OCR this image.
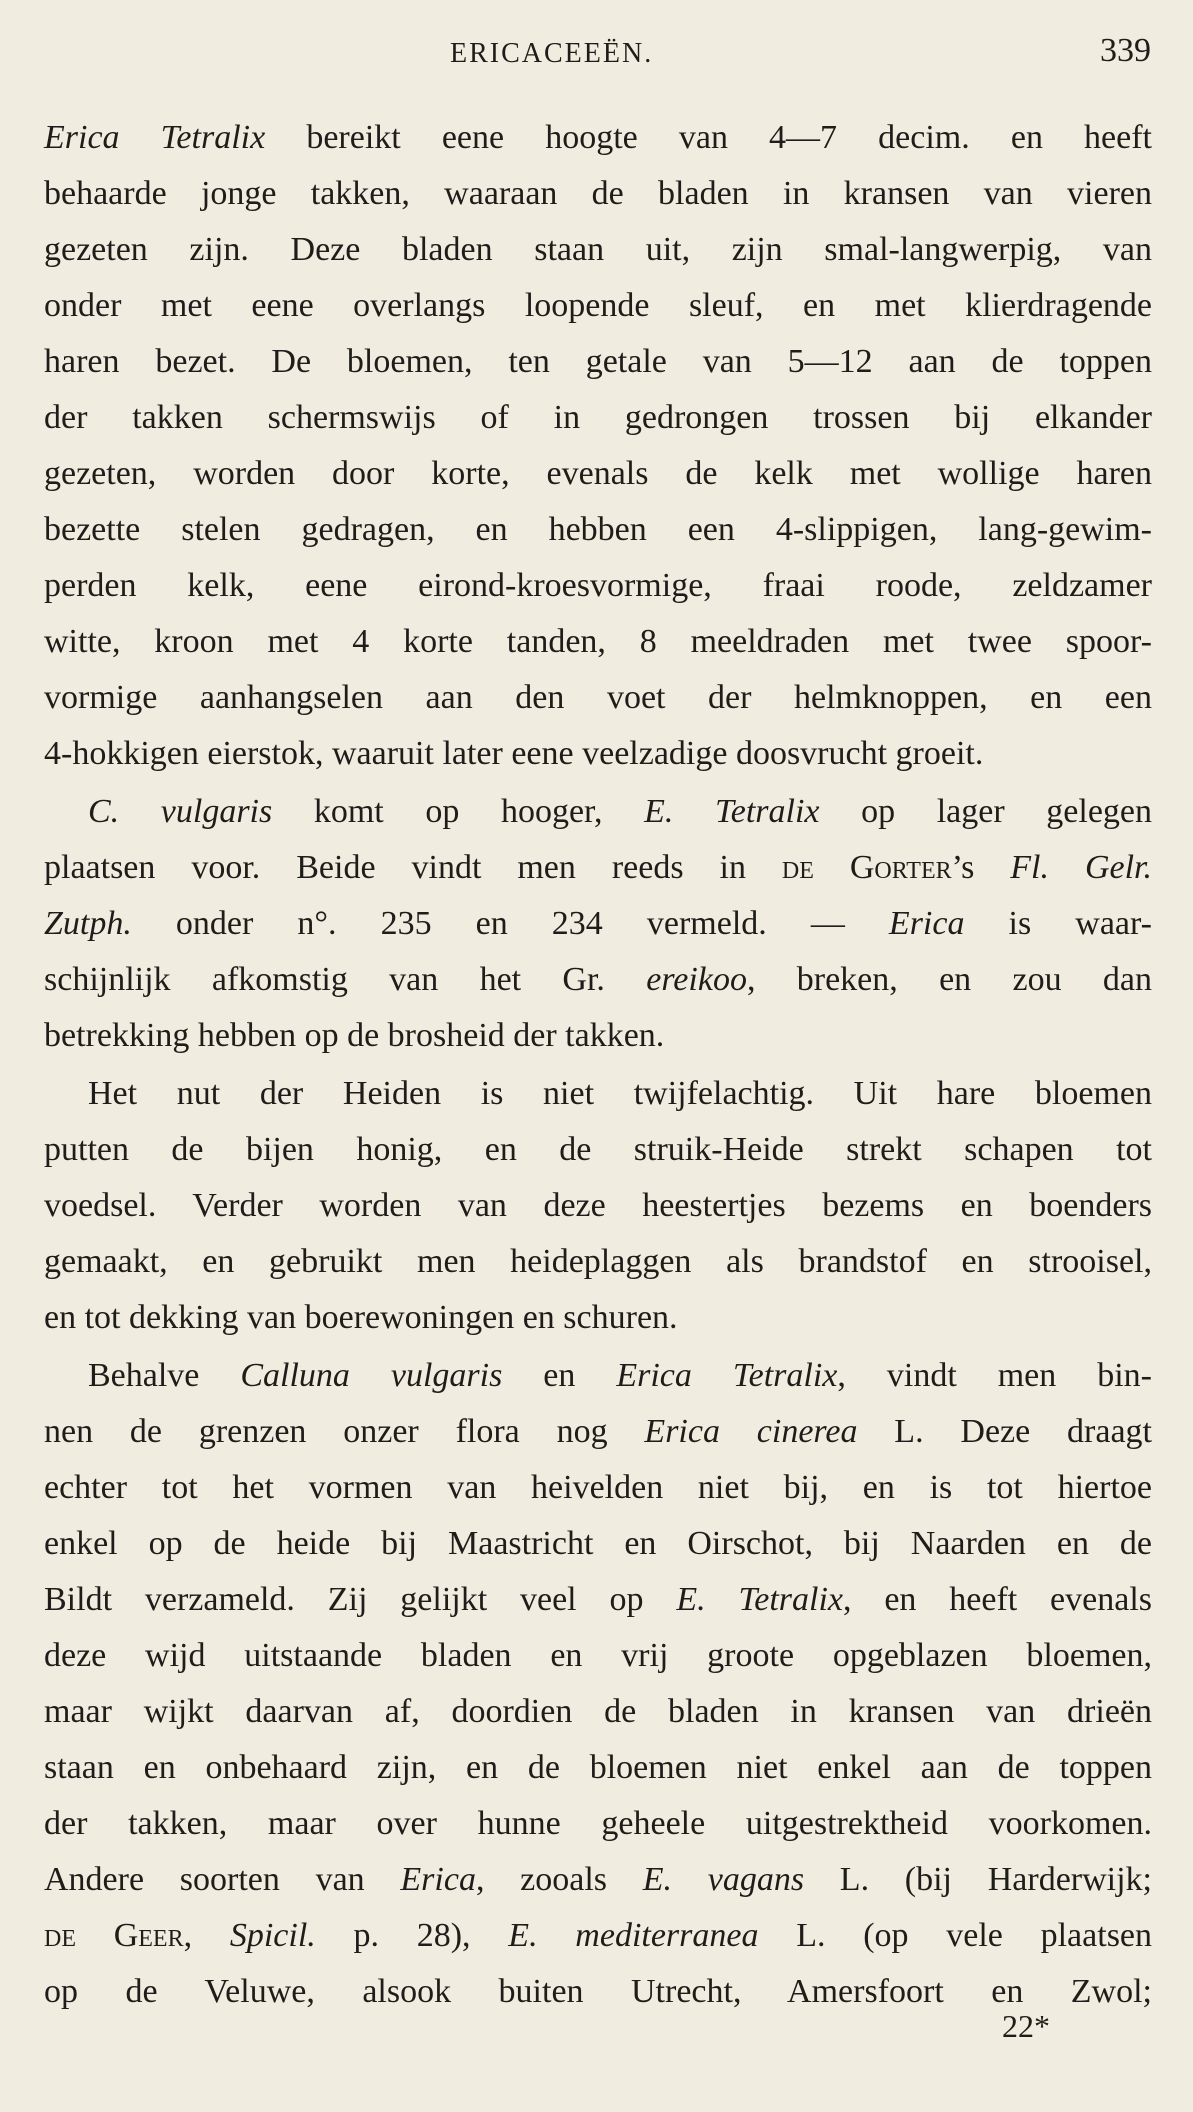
ERICACEEËN.	339
Erica Tetralix bereikt eene hoogte van 4—7 decim. en heeft
behaarde jonge takken, waaraan de bladen in kransen van vieren
gezeten zijn. Deze bladen staan uit, zijn smal-langwerpig, van
onder met eene overlangs loopende sleuf, en met klierdragende
haren bezet. De bloemen, ten getale van 5—12 aan de toppen
der takken schermswijs of in gedrongen trossen bij elkander
gezeten, worden door korte, evenals de kelk met wollige haren
bezette stelen gedragen, en hebben een 4-slippigen, lang-gewim-
perden kelk, eene eirond-kroesvormige, fraai roode, zeldzamer
witte, kroon met 4 korte tanden, 8 meeldraden met twee spoor-
vormige aanhangselen aan den voet der helmknoppen, en een
4-hokkigen eierstok, waaruit later eene veelzadige doosvrucht groeit.
C. vulgaris komt op hooger, E. Tetralix op lager gelegen
plaatsen voor. Beide vindt men reeds in de Gorter’s Fl. Gelr.
Zutph. onder n°. 235 en 234 vermeld. — Erica is waar-
schijnlijk afkomstig van het Gr. ereikoo, breken, en zou dan
betrekking hebben op de brosheid der takken.
Het nut der Heiden is niet twijfelachtig. Uit hare bloemen
putten de bijen honig, en de struik-Heide strekt schapen tot
voedsel. Verder worden van deze heestertjes bezems en boenders
gemaakt, en gebruikt men heideplaggen als brandstof en strooisel,
en tot dekking van boerewoningen en schuren.
Behalve Calluna vulgaris en Erica Tetralix, vindt men bin-
nen de grenzen onzer flora nog Erica cinerea L. Deze draagt
echter tot het vormen van heivelden niet bij, en is tot hiertoe
enkel op de heide bij Maastricht en Oirschot, bij Naarden en de
Bildt verzameld. Zij gelijkt veel op E. Tetralix, en heeft evenals
deze wijd uitstaande bladen en vrij groote opgeblazen bloemen,
maar wijkt daarvan af, doordien de bladen in kransen van drieën
staan en onbehaard zijn, en de bloemen niet enkel aan de toppen
der takken, maar over hunne geheele uitgestrektheid voorkomen.
Andere soorten van Erica, zooals E. vagans L. (bij Harderwijk;
de Geer, Spicil. p. 28), E. mediterranea L. (op vele plaatsen
op de Veluwe, alsook buiten Utrecht, Amersfoort en Zwol;
22*
